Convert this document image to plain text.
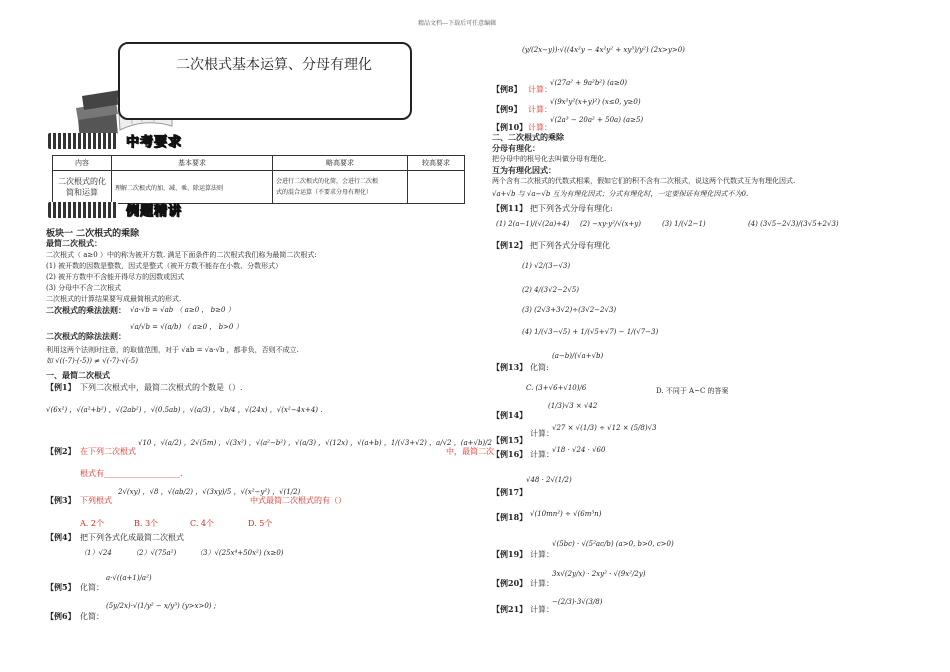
精品文档---下载后可任意编辑
二次根式基本运算、分母有理化
中考要求
内容	基本要求	略高要求	较高要求
二次根式的化简和运算	理解二次根式的加、减、乘、除运算法则	会进行二次根式的化简，会进行二次根
式的混合运算（不要求分母有理化）	

例题精讲
板块一 二次根式的乘除
最简二次根式：
二次根式（ a≥0 ）中的称为被开方数. 满足下面条件的二次根式我们称为最简二次根式:
(1) 被开数的因数是整数，因式是整式（被开方数不能存在小数、分数形式）
(2) 被开方数中不含能开得尽方的因数或因式
(3) 分母中不含二次根式
二次根式的计算结果要写成最简根式的形式.
二次根式的乘法法则： √a·√b = √ab （ a≥0 ， b≥0 ）
二次根式的除法法则：
√a/√b = √(a/b) （ a≥0 ， b>0 ）
利用这两个法则时注意，的取值范围，对于 √ab = √a·√b ，都非负，否则不成立.
如 √((-7)·(-5)) ≠ √(-7)·√(-5)
一、最简二次根式
【例1】 下列二次根式中，最简二次根式的个数是（）.
√(6x²) ，√(a²+b²) ，√(2ab²) ，√(0.5ab) ，√(a/3) ，√b/4 ，√(24x) ，√(x²−4x+4) .
【例2】 在下列二次根式
√10 ，√(a/2) ，2√(5m) ，√(3x²) ，√(a²−b²) ，√(a/3) ，√(12x) ，√(a+b) ，1/(√3+√2) ，a/√2 ，(a+√b)/2
中，最简二次
根式有___________________.
【例3】 下列根式
2√(xy) ，√8 ，√(ab/2) ，√(3xy)/5 ，√(x²−y²) ，√(1/2)
中式最简二次根式的有（）
A. 2个	B. 3个	C. 4个	D. 5个
【例4】 把下列各式化成最简二次根式
（1）√24	（2）√(75a²)	（3）√(25x⁴+50x²) (x≥0)
【例5】 化简：
a·√((a+1)/a²)
【例6】 化简：
(5y/2x)·√(1/y² − x/y³) (y>x>0) ;
(y/(2x−y))·√((4x²y − 4x²y² + xy³)/y²) (2x>y>0)
【例8】 计算：
√(27a² + 9a²b²) (a≥0)
【例9】 计算：
√(9x²y²(x+y)²) (x≤0, y≥0)
【例10】 计算：
√(2a³ − 20a² + 50a) (a≥5)
二、二次根式的乘除
分母有理化：
把分母中的根号化去叫做分母有理化.
互为有理化因式：
两个含有二次根式的代数式相乘，假如它们的积不含有二次根式，说这两个代数式互为有理化因式.
√a+√b 与 √a−√b 互为有理化因式；分式有理化时，一定要保证有理化因式不为0.
【例11】 把下列各式分母有理化:
(1) 2(a−1)/(√(2a)+4) (2) −xy·y²/√(x+y)	(3) 1/(√2−1)	(4) (3√5−2√3)/(3√5+2√3)
【例12】 把下列各式分母有理化
(1) √2/(3−√3)
(2) 4/(3√2−2√5)
(3) (2√3+3√2)÷(3√2−2√3)
(4) 1/(√3−√5) + 1/(√5+√7) − 1/(√7−3)
【例13】 化简:
(a−b)/(√a+√b)
C. (3+√6+√10)/6	D. 不同于 A~C 的答案
(1/3)√3 × √42
【例14】
计算：
√27 × √(1/3) ÷ √12 × (5/8)√3
【例15】
计算：
√18 · √24 · √60
【例16】
【例17】
√48 · 2√(1/2)
【例18】 √(10mn²) ÷ √(6m³n)
【例19】 计算：
√(5bc) · √(5²ac/b) (a>0, b>0, c>0)
【例20】 计算：
3x√(2y/x) · 2xy² · √(9x²/2y)
【例21】 计算：
−(2/3)·3√(3/8)
